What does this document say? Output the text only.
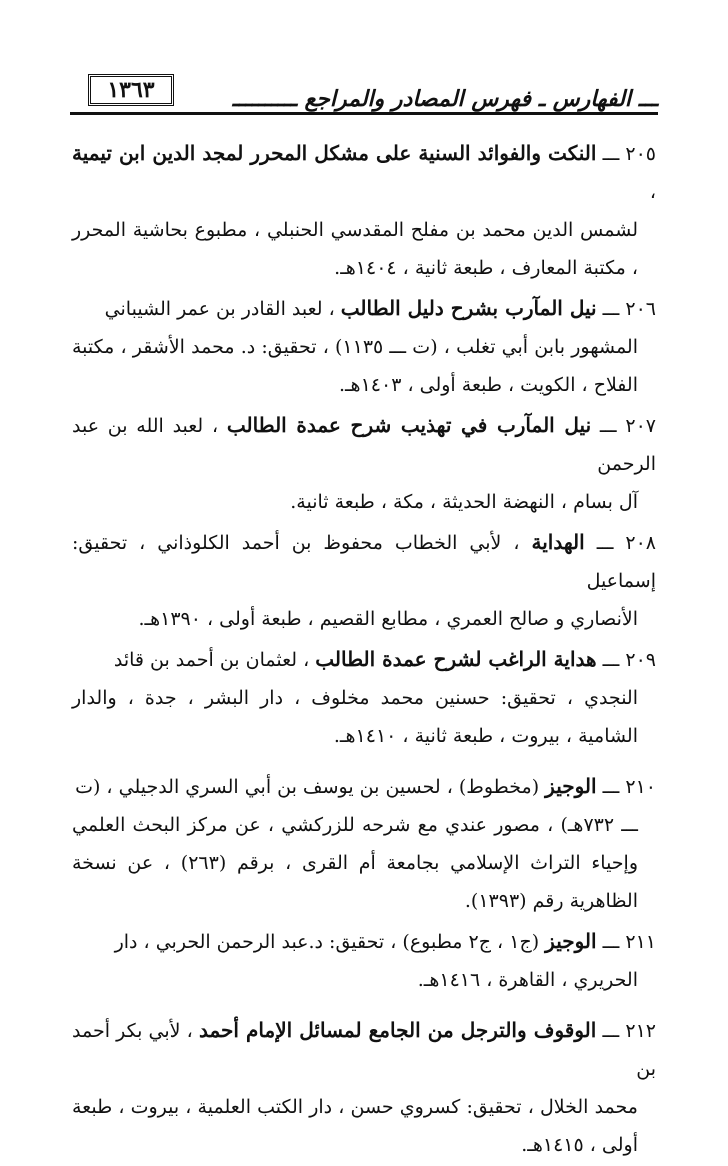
١٣٦٣	ـــ الفهارس ـ فهرس المصادر والمراجع ــــــــــ
٢٠٥ ـــ النكت والفوائد السنية على مشكل المحرر لمجد الدين ابن تيمية ،
لشمس الدين محمد بن مفلح المقدسي الحنبلي ، مطبوع بحاشية المحرر ، مكتبة المعارف ، طبعة ثانية ، ١٤٠٤هـ.
٢٠٦ ـــ نيل المآرب بشرح دليل الطالب ، لعبد القادر بن عمر الشيباني
المشهور بابن أبي تغلب ، (ت ـــ ١١٣٥) ، تحقيق: د. محمد الأشقر ، مكتبة الفلاح ، الكويت ، طبعة أولى ، ١٤٠٣هـ.
٢٠٧ ـــ نيل المآرب في تهذيب شرح عمدة الطالب ، لعبد الله بن عبد الرحمن
آل بسام ، النهضة الحديثة ، مكة ، طبعة ثانية.
٢٠٨ ـــ الهداية ، لأبي الخطاب محفوظ بن أحمد الكلوذاني ، تحقيق: إسماعيل
الأنصاري و صالح العمري ، مطابع القصيم ، طبعة أولى ، ١٣٩٠هـ.
٢٠٩ ـــ هداية الراغب لشرح عمدة الطالب ، لعثمان بن أحمد بن قائد
النجدي ، تحقيق: حسنين محمد مخلوف ، دار البشر ، جدة ، والدار الشامية ، بيروت ، طبعة ثانية ، ١٤١٠هـ.
٢١٠ ـــ الوجيز (مخطوط) ، لحسين بن يوسف بن أبي السري الدجيلي ، (ت
ـــ ٧٣٢هـ) ، مصور عندي مع شرحه للزركشي ، عن مركز البحث العلمي وإحياء التراث الإسلامي بجامعة أم القرى ، برقم (٢٦٣) ، عن نسخة الظاهرية رقم (١٣٩٣).
٢١١ ـــ الوجيز (ج١ ، ج٢ مطبوع) ، تحقيق: د.عبد الرحمن الحربي ، دار
الحريري ، القاهرة ، ١٤١٦هـ.
٢١٢ ـــ الوقوف والترجل من الجامع لمسائل الإمام أحمد ، لأبي بكر أحمد بن
محمد الخلال ، تحقيق: كسروي حسن ، دار الكتب العلمية ، بيروت ، طبعة أولى ، ١٤١٥هـ.
